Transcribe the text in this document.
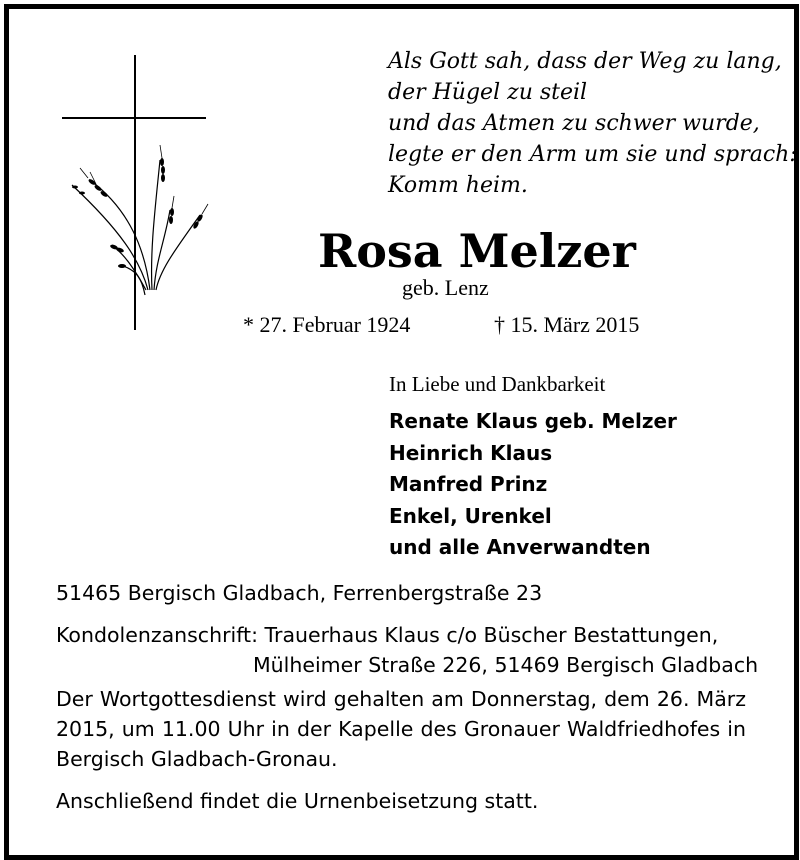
Als Gott sah, dass der Weg zu lang,
der Hügel zu steil
und das Atmen zu schwer wurde,
legte er den Arm um sie und sprach:
Komm heim.
Rosa Melzer
geb. Lenz
* 27. Februar 1924	† 15. März 2015
In Liebe und Dankbarkeit
Renate Klaus geb. Melzer
Heinrich Klaus
Manfred Prinz
Enkel, Urenkel
und alle Anverwandten
51465 Bergisch Gladbach, Ferrenbergstraße 23
Kondolenzanschrift: Trauerhaus Klaus c/o Büscher Bestattungen,
Mülheimer Straße 226, 51469 Bergisch Gladbach
Der Wortgottesdienst wird gehalten am Donnerstag, dem 26. März 2015, um 11.00 Uhr in der Kapelle des Gronauer Waldfriedhofes in Bergisch Gladbach-Gronau.
Anschließend findet die Urnenbeisetzung statt.
